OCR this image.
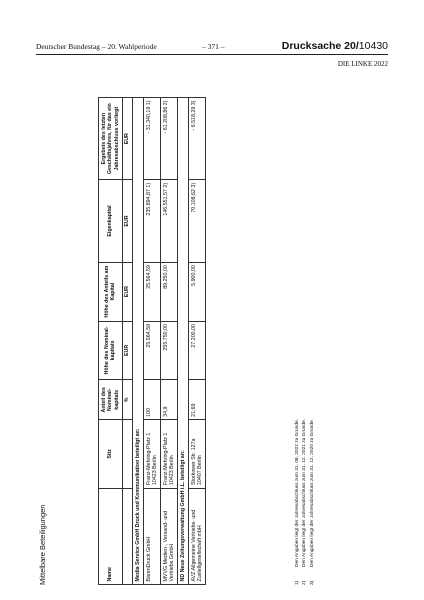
Deutscher Bundestag – 20. Wahlperiode	– 371 –	Drucksache 20/10430
DIE LINKE 2022
Mittelbare Beteiligungen	Name	Sitz	Anteil des Nominal-kapitals	Höhe des Nominal-kapitals	Höhe des Anteils am Kapital	Eigenkapital	Ergebnis des letzten Geschäftsjahres, für das ein Jahresabschluss vorliegt
		%	EUR	EUR	EUR	EUR
Media Service GmbH Druck und Kommunikation beteiligt an:						
BärenDruck GmbH	Franz-Mehring-Platz 1 10423 Berlin	100	25.564,59	25.564,59	235.894,87 1)	- 31.340,19 1)
MVVG Medien-, Versand- und Vertriebs GmbH	Franz-Mehring-Platz 1 10423 Berlin	34,9	255.750,00	89.250,00	146.551,57 2)	- 61.208,86 2)
ND Neue Zeitungsverwaltung GmbH i.L. beteiligt an:						
AVZ Allgemeine Vertriebs- und Zustellgesellschaft mbH	Storkower Str. 127a 10407 Berlin	21,69	27.200,00	5.900,00	70.108,62 3)	- 6.518,29 3)
1)
Den Angaben liegt der Jahresabschluss zum 31. 08. 2022 zu Grunde.
2)
Den Angaben liegt der Jahresabschluss zum 31. 12. 2021 zu Grunde.
3)
Den Angaben liegt der Jahresabschluss zum 31. 12. 2020 zu Grunde.
